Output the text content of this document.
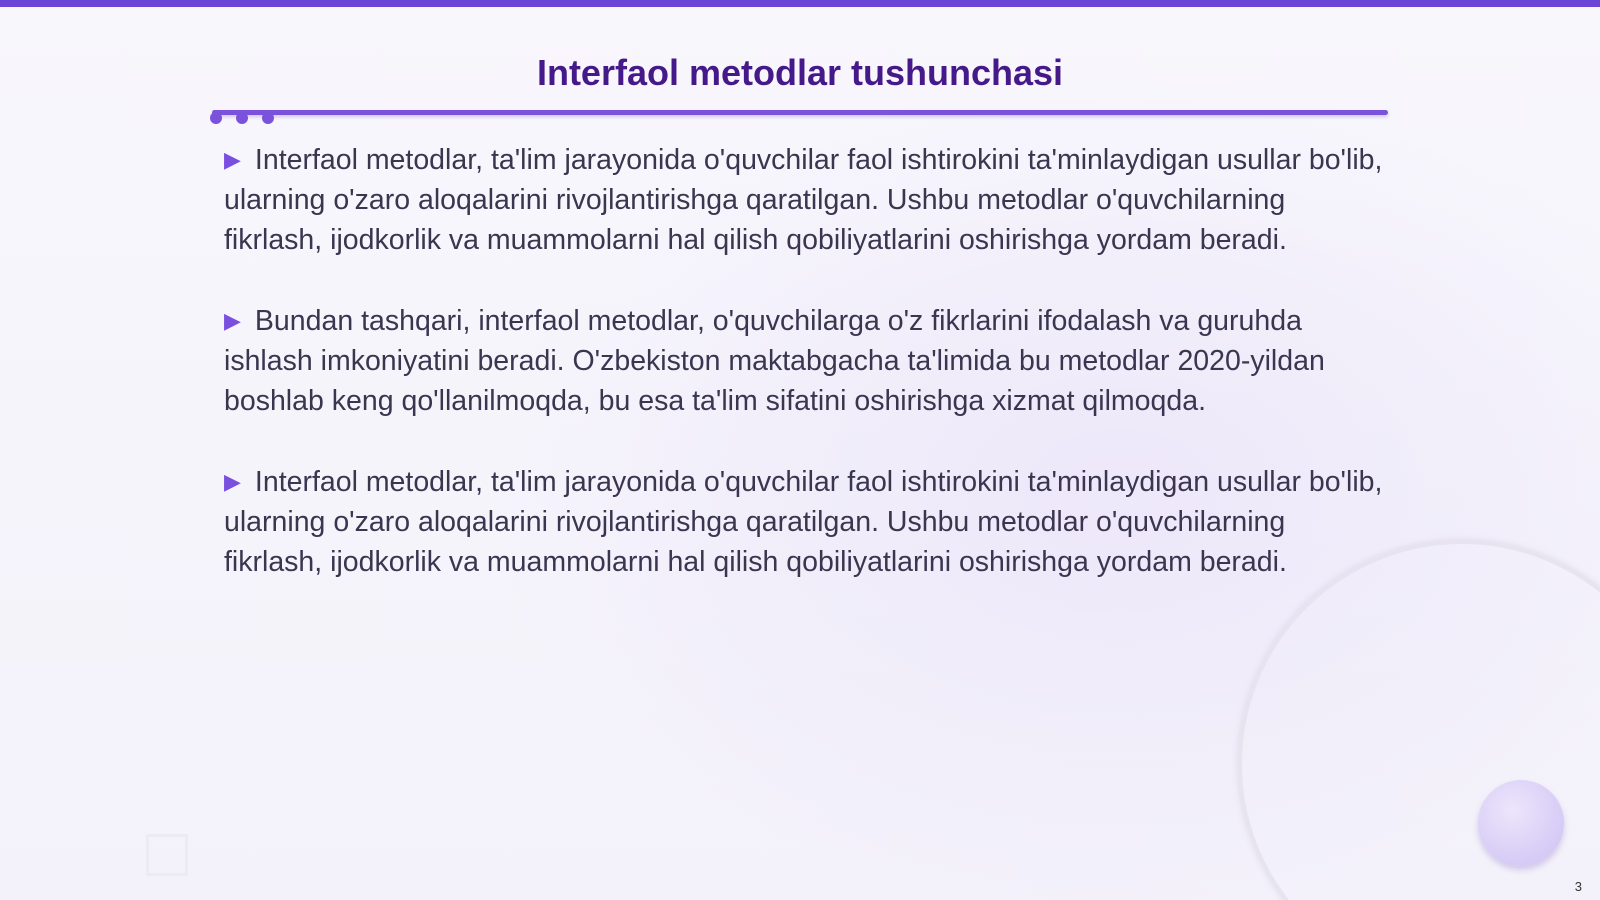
Interfaol metodlar tushunchasi

▶ Interfaol metodlar, ta'lim jarayonida o'quvchilar faol ishtirokini ta'minlaydigan usullar bo'lib, ularning o'zaro aloqalarini rivojlantirishga qaratilgan. Ushbu metodlar o'quvchilarning fikrlash, ijodkorlik va muammolarni hal qilish qobiliyatlarini oshirishga yordam beradi.

▶ Bundan tashqari, interfaol metodlar, o'quvchilarga o'z fikrlarini ifodalash va guruhda ishlash imkoniyatini beradi. O'zbekiston maktabgacha ta'limida bu metodlar 2020-yildan boshlab keng qo'llanilmoqda, bu esa ta'lim sifatini oshirishga xizmat qilmoqda.

▶ Interfaol metodlar, ta'lim jarayonida o'quvchilar faol ishtirokini ta'minlaydigan usullar bo'lib, ularning o'zaro aloqalarini rivojlantirishga qaratilgan. Ushbu metodlar o'quvchilarning fikrlash, ijodkorlik va muammolarni hal qilish qobiliyatlarini oshirishga yordam beradi.

3
